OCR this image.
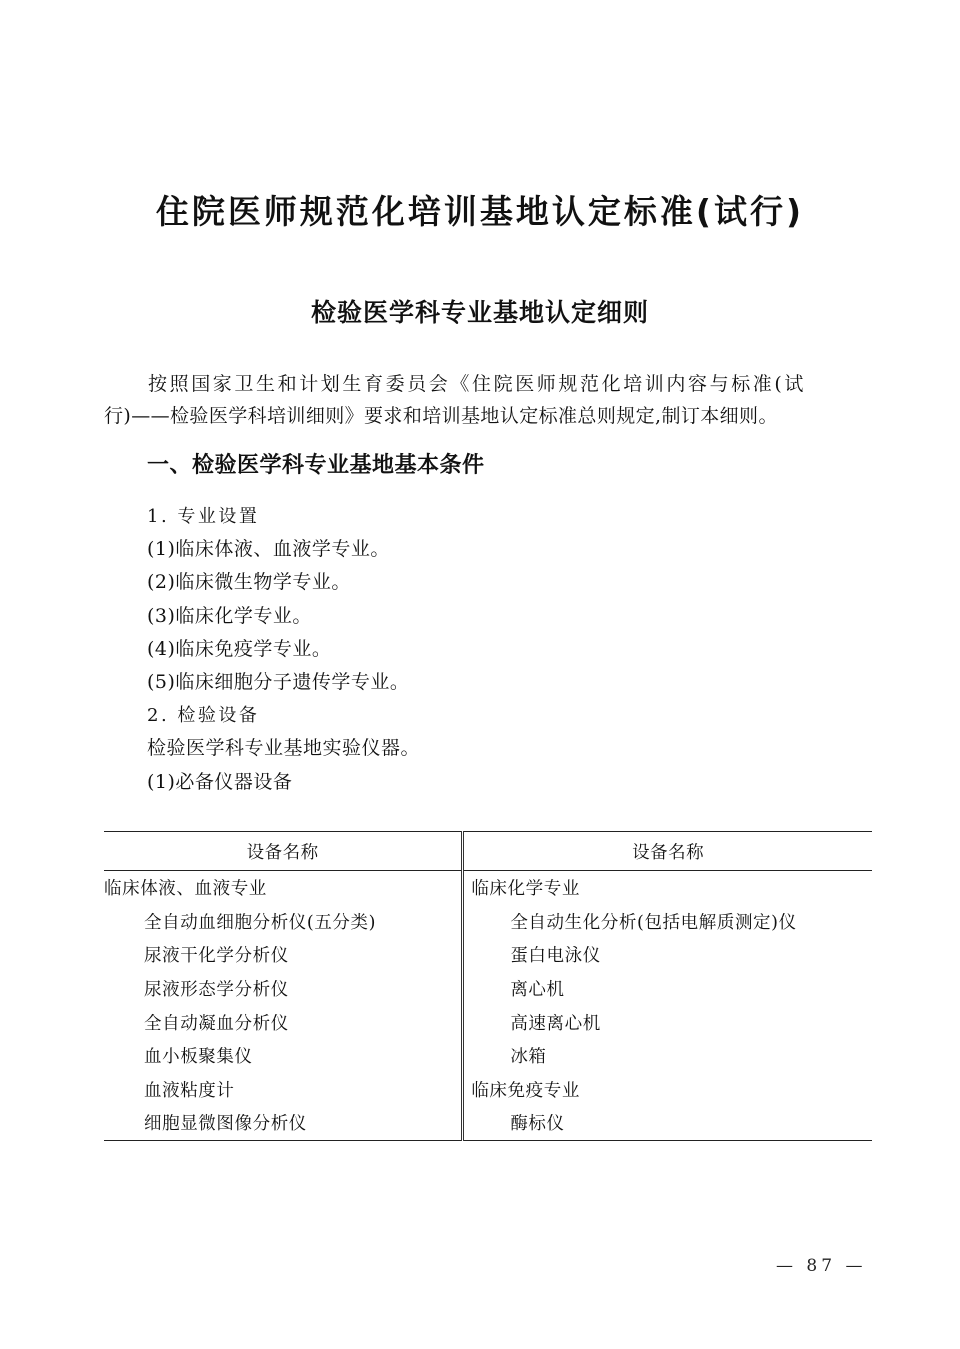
住院医师规范化培训基地认定标准(试行)
检验医学科专业基地认定细则

按照国家卫生和计划生育委员会《住院医师规范化培训内容与标准(试
行)——检验医学科培训细则》要求和培训基地认定标准总则规定,制订本细则。

一、检验医学科专业基地基本条件
1. 专业设置
(1)临床体液、血液学专业。
(2)临床微生物学专业。
(3)临床化学专业。
(4)临床免疫学专业。
(5)临床细胞分子遗传学专业。
2. 检验设备
检验医学科专业基地实验仪器。
(1)必备仪器设备
设备名称	设备名称
临床体液、血液专业	临床化学专业
全自动血细胞分析仪(五分类)	全自动生化分析(包括电解质测定)仪
尿液干化学分析仪	蛋白电泳仪
尿液形态学分析仪	离心机
全自动凝血分析仪	高速离心机
血小板聚集仪	冰箱
血液粘度计	临床免疫专业
细胞显微图像分析仪	酶标仪
— 87 —
